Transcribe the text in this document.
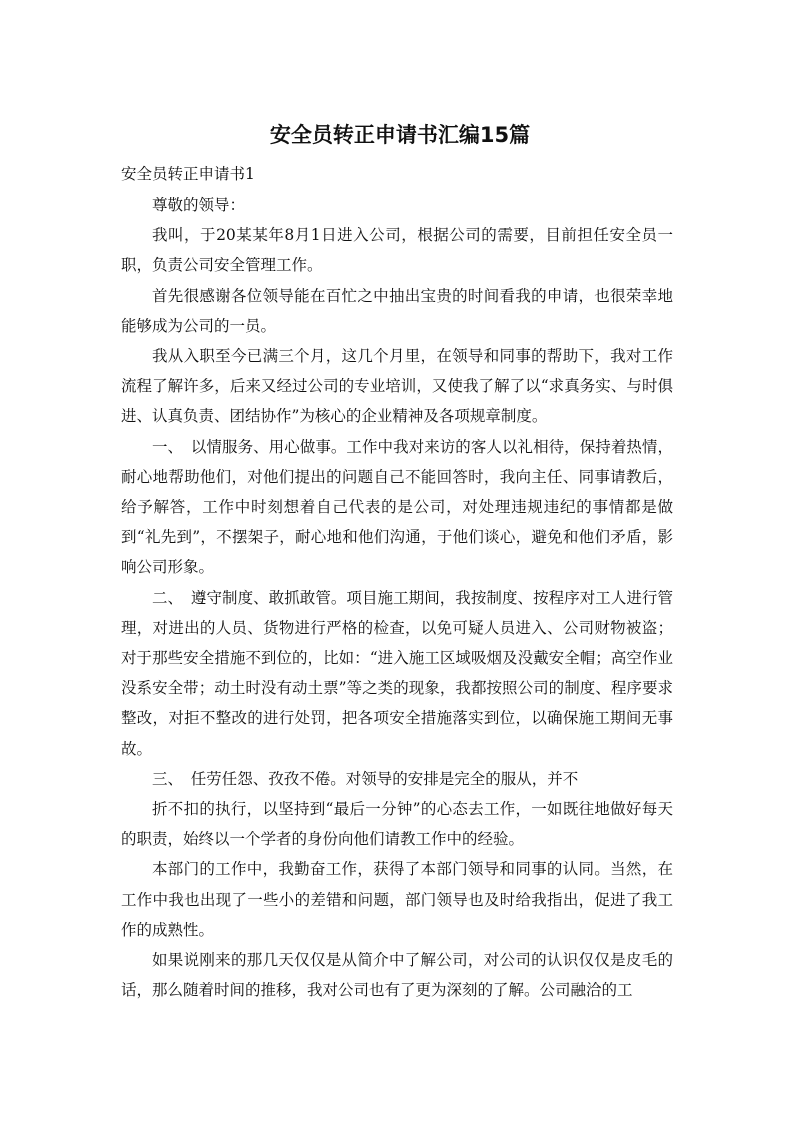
安全员转正申请书汇编15篇

安全员转正申请书1

尊敬的领导：

我叫，于20某某年8月1日进入公司，根据公司的需要，目前担任安全员一职，负责公司安全管理工作。

首先很感谢各位领导能在百忙之中抽出宝贵的时间看我的申请，也很荣幸地能够成为公司的一员。

我从入职至今已满三个月，这几个月里，在领导和同事的帮助下，我对工作流程了解许多，后来又经过公司的专业培训，又使我了解了以“求真务实、与时俱进、认真负责、团结协作”为核心的企业精神及各项规章制度。

一、　以情服务、用心做事。工作中我对来访的客人以礼相待，保持着热情，耐心地帮助他们，对他们提出的问题自己不能回答时，我向主任、同事请教后，给予解答，工作中时刻想着自己代表的是公司，对处理违规违纪的事情都是做到“礼先到”，不摆架子，耐心地和他们沟通，于他们谈心，避免和他们矛盾，影响公司形象。

二、　遵守制度、敢抓敢管。项目施工期间，我按制度、按程序对工人进行管理，对进出的人员、货物进行严格的检查，以免可疑人员进入、公司财物被盗；对于那些安全措施不到位的，比如：“进入施工区域吸烟及没戴安全帽；高空作业没系安全带；动土时没有动土票”等之类的现象，我都按照公司的制度、程序要求整改，对拒不整改的进行处罚，把各项安全措施落实到位，以确保施工期间无事故。

三、　任劳任怨、孜孜不倦。对领导的安排是完全的服从，并不

折不扣的执行，以坚持到“最后一分钟”的心态去工作，一如既往地做好每天的职责，始终以一个学者的身份向他们请教工作中的经验。

本部门的工作中，我勤奋工作，获得了本部门领导和同事的认同。当然，在工作中我也出现了一些小的差错和问题，部门领导也及时给我指出，促进了我工作的成熟性。

如果说刚来的那几天仅仅是从简介中了解公司，对公司的认识仅仅是皮毛的话，那么随着时间的推移，我对公司也有了更为深刻的了解。公司融洽的工
